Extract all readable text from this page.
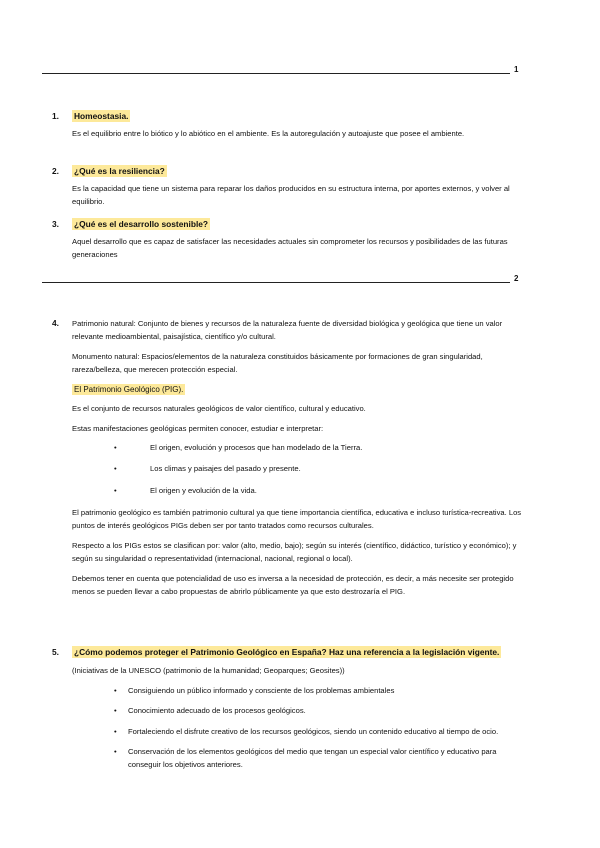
1
1.	Homeostasia.
Es el equilibrio entre lo biótico y lo abiótico en el ambiente. Es la autoregulación y autoajuste que posee el ambiente.
2.	¿Qué es la resiliencia?
Es la capacidad que tiene un sistema para reparar los daños producidos en su estructura interna, por aportes externos, y volver al equilibrio.
3.	¿Qué es el desarrollo sostenible?
Aquel desarrollo que es capaz de satisfacer las necesidades actuales sin comprometer los recursos y posibilidades de las futuras generaciones
2
4.	Patrimonio natural: Conjunto de bienes y recursos de la naturaleza fuente de diversidad biológica y geológica que tiene un valor relevante medioambiental, paisajística, científico y/o cultural.
Monumento natural: Espacios/elementos de la naturaleza constituidos básicamente por formaciones de gran singularidad, rareza/belleza, que merecen protección especial.
El Patrimonio Geológico (PIG).
Es el conjunto de recursos naturales geológicos de valor científico, cultural y educativo.
Estas manifestaciones geológicas permiten conocer, estudiar e interpretar:
•	El origen, evolución y procesos que han modelado de la Tierra.
•	Los climas y paisajes del pasado y presente.
•	El origen y evolución de la vida.
El patrimonio geológico es también patrimonio cultural ya que tiene importancia científica, educativa e incluso turística-recreativa. Los puntos de interés geológicos PIGs deben ser por tanto tratados como recursos culturales.
Respecto a los PIGs estos se clasifican por: valor (alto, medio, bajo); según su interés (científico, didáctico, turístico y económico); y según su singularidad o representatividad (internacional, nacional, regional o local).
Debemos tener en cuenta que potencialidad de uso es inversa a la necesidad de protección, es decir, a más necesite ser protegido menos se pueden llevar a cabo propuestas de abrirlo públicamente ya que esto destrozaría el PIG.
5.	¿Cómo podemos proteger el Patrimonio Geológico en España? Haz una referencia a la legislación vigente.
(Iniciativas de la UNESCO (patrimonio de la humanidad; Geoparques; Geosites))
• Consiguiendo un público informado y consciente de los problemas ambientales
• Conocimiento adecuado de los procesos geológicos.
• Fortaleciendo el disfrute creativo de los recursos geológicos, siendo un contenido educativo al tiempo de ocio.
• Conservación de los elementos geológicos del medio que tengan un especial valor científico y educativo para conseguir los objetivos anteriores.
